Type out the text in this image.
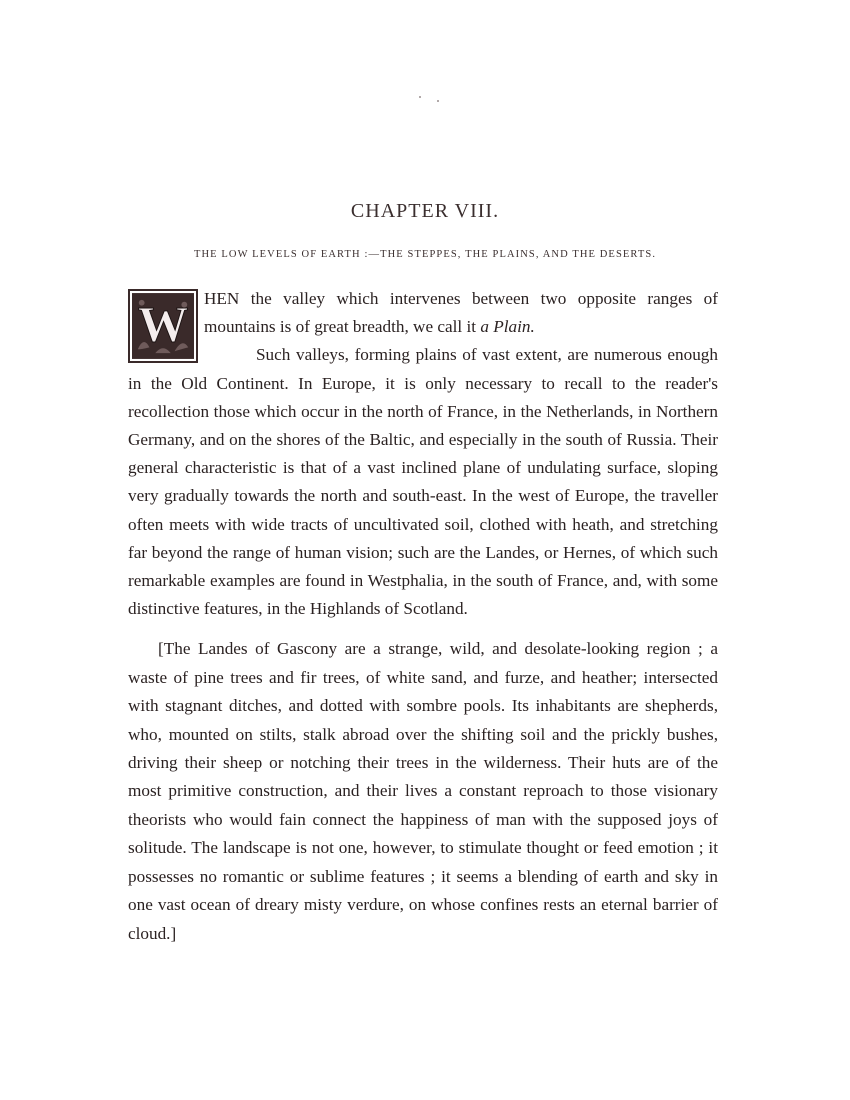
CHAPTER VIII.
THE LOW LEVELS OF EARTH :—THE STEPPES, THE PLAINS, AND THE DESERTS.

W HEN the valley which intervenes between two opposite ranges of mountains is of great breadth, we call it a Plain.
Such valleys, forming plains of vast extent, are numerous enough in the Old Continent. In Europe, it is only necessary to recall to the reader's recollection those which occur in the north of France, in the Netherlands, in Northern Germany, and on the shores of the Baltic, and especially in the south of Russia. Their general characteristic is that of a vast inclined plane of undulating surface, sloping very gradually towards the north and south-east. In the west of Europe, the traveller often meets with wide tracts of uncultivated soil, clothed with heath, and stretching far beyond the range of human vision; such are the Landes, or Hernes, of which such remarkable examples are found in Westphalia, in the south of France, and, with some distinctive features, in the Highlands of Scotland.

[The Landes of Gascony are a strange, wild, and desolate-looking region ; a waste of pine trees and fir trees, of white sand, and furze, and heather; intersected with stagnant ditches, and dotted with sombre pools. Its inhabitants are shepherds, who, mounted on stilts, stalk abroad over the shifting soil and the prickly bushes, driving their sheep or notching their trees in the wilderness. Their huts are of the most primitive construction, and their lives a constant reproach to those visionary theorists who would fain connect the happiness of man with the supposed joys of solitude. The landscape is not one, however, to stimulate thought or feed emotion ; it possesses no romantic or sublime features ; it seems a blending of earth and sky in one vast ocean of dreary misty verdure, on whose confines rests an eternal barrier of cloud.]
